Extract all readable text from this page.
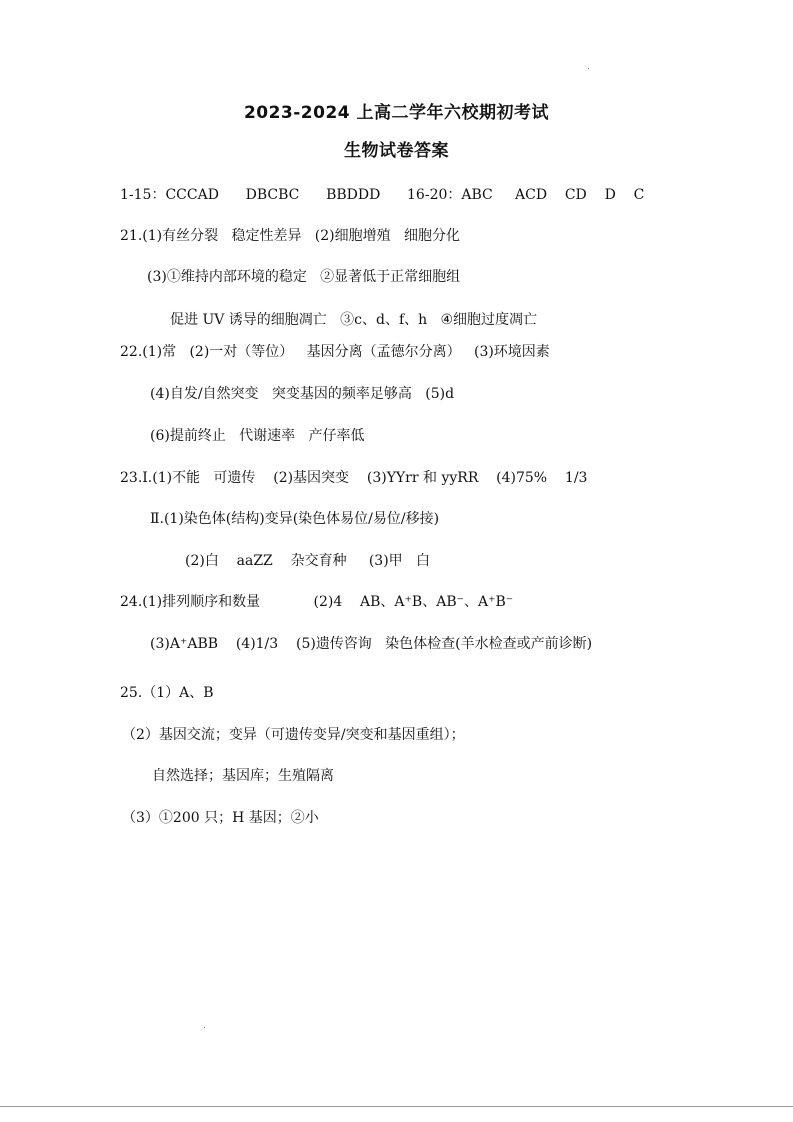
2023-2024 上高二学年六校期初考试
生物试卷答案
1-15：CCCAD      DBCBC      BBDDD      16-20：ABC     ACD    CD    D    C
21.(1)有丝分裂   稳定性差异   (2)细胞增殖   细胞分化
(3)①维持内部环境的稳定   ②显著低于正常细胞组
促进 UV 诱导的细胞凋亡   ③c、d、f、h   ④细胞过度凋亡
22.(1)常   (2)一对（等位）   基因分离（孟德尔分离）   (3)环境因素
(4)自发/自然突变   突变基因的频率足够高   (5)d
(6)提前终止   代谢速率   产仔率低
23.Ⅰ.(1)不能   可遗传    (2)基因突变    (3)YYrr 和 yyRR    (4)75%    1/3
Ⅱ.(1)染色体(结构)变异(染色体易位/易位/移接)
(2)白    aaZZ    杂交育种     (3)甲   白
24.(1)排列顺序和数量            (2)4    AB、A⁺B、AB⁻、A⁺B⁻
(3)A⁺ABB    (4)1/3    (5)遗传咨询   染色体检查(羊水检查或产前诊断)
25.（1）A、B
（2）基因交流；变异（可遗传变异/突变和基因重组）；
自然选择；基因库；生殖隔离
（3）①200 只；H 基因；②小
